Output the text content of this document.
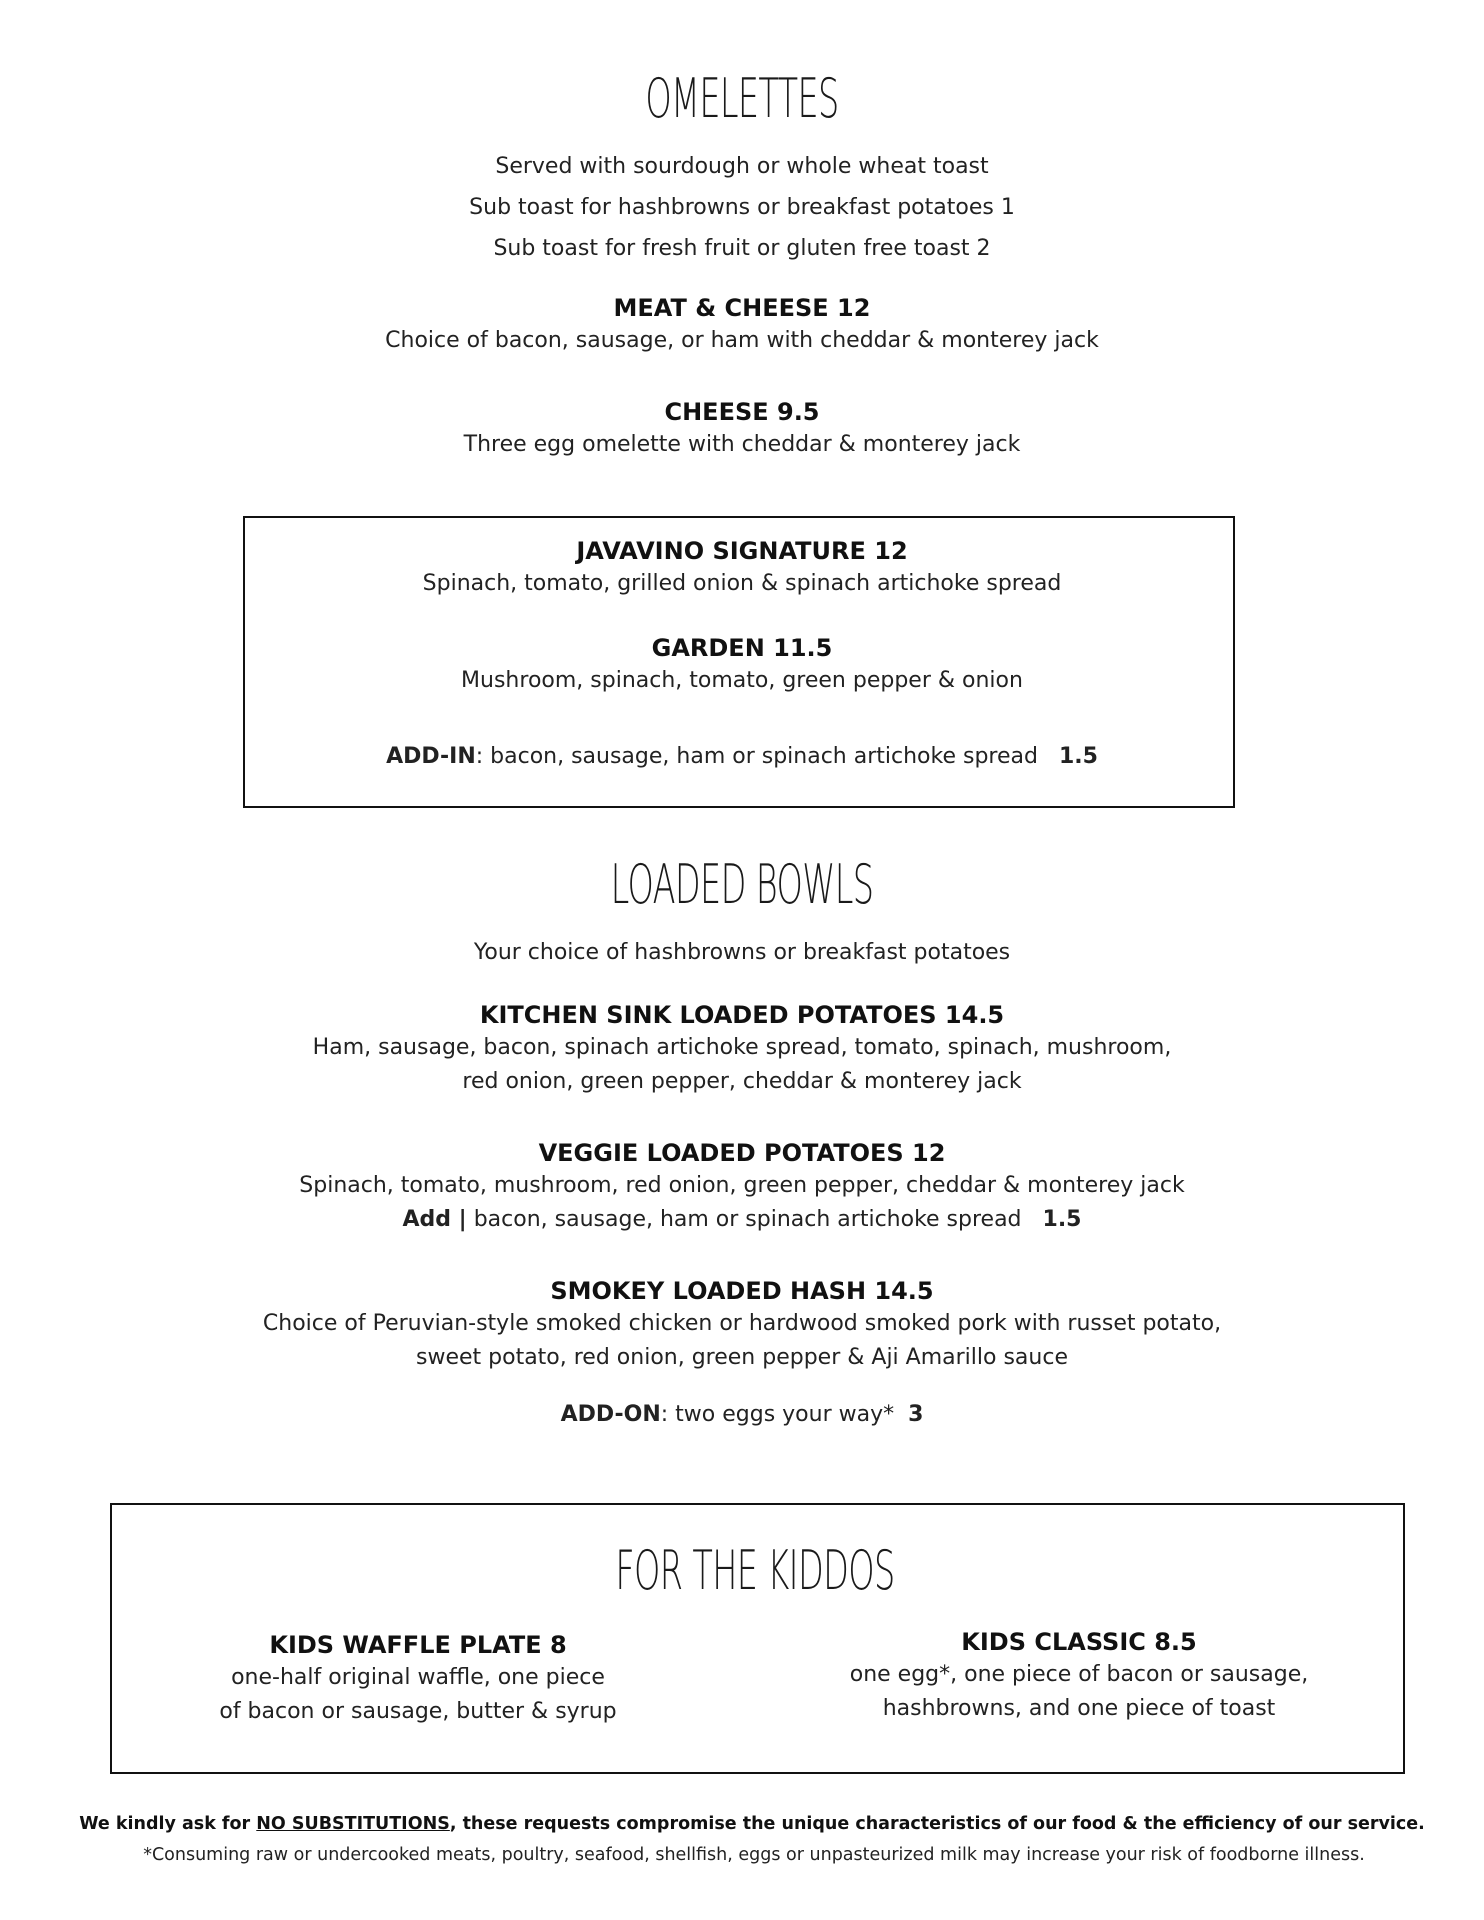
OMELETTES
Served with sourdough or whole wheat toast
Sub toast for hashbrowns or breakfast potatoes 1
Sub toast for fresh fruit or gluten free toast 2
MEAT & CHEESE 12
Choice of bacon, sausage, or ham with cheddar & monterey jack
CHEESE 9.5
Three egg omelette with cheddar & monterey jack
JAVAVINO SIGNATURE 12
Spinach, tomato, grilled onion & spinach artichoke spread
GARDEN 11.5
Mushroom, spinach, tomato, green pepper & onion
ADD-IN: bacon, sausage, ham or spinach artichoke spread 1.5
LOADED BOWLS
Your choice of hashbrowns or breakfast potatoes
KITCHEN SINK LOADED POTATOES 14.5
Ham, sausage, bacon, spinach artichoke spread, tomato, spinach, mushroom,
red onion, green pepper, cheddar & monterey jack
VEGGIE LOADED POTATOES 12
Spinach, tomato, mushroom, red onion, green pepper, cheddar & monterey jack
Add | bacon, sausage, ham or spinach artichoke spread 1.5
SMOKEY LOADED HASH 14.5
Choice of Peruvian-style smoked chicken or hardwood smoked pork with russet potato,
sweet potato, red onion, green pepper & Aji Amarillo sauce
ADD-ON: two eggs your way* 3
FOR THE KIDDOS
KIDS WAFFLE PLATE 8
one-half original waffle, one piece
of bacon or sausage, butter & syrup
KIDS CLASSIC 8.5
one egg*, one piece of bacon or sausage,
hashbrowns, and one piece of toast
We kindly ask for NO SUBSTITUTIONS, these requests compromise the unique characteristics of our food & the efficiency of our service.
*Consuming raw or undercooked meats, poultry, seafood, shellfish, eggs or unpasteurized milk may increase your risk of foodborne illness.
